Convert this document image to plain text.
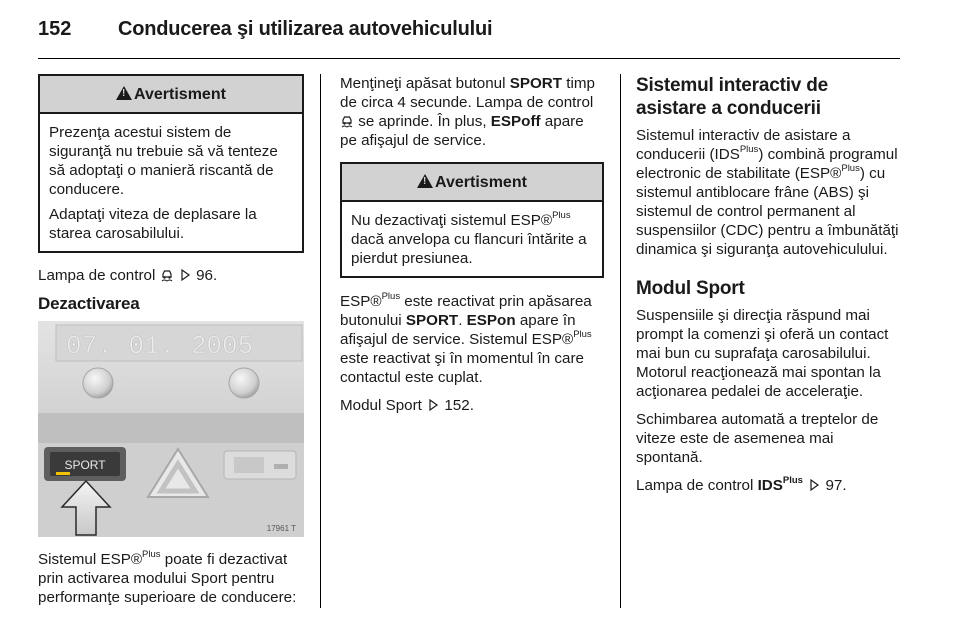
152 Conducerea şi utilizarea autovehiculului
!Avertisment

Prezenţa acestui sistem de siguranţă nu trebuie să vă tenteze să adoptaţi o manieră riscantă de conducere.

Adaptaţi viteza de deplasare la starea carosabilului.

Lampa de control	96.

Dezactivarea
07. 01. 2005
SPORT
17961 T

Sistemul ESP®$^{Plus}$ poate fi dezactivat prin activarea modului Sport pentru performanţe superioare de conducere:

Menţineţi apăsat butonul SPORT timp de circa 4 secunde. Lampa de control  se aprinde. În plus, ESPoff apare pe afişajul de service.

!Avertisment

Nu dezactivaţi sistemul ESP®$^{Plus}$ dacă anvelopa cu flancuri întărite a pierdut presiunea.

ESP®$^{Plus}$ este reactivat prin apăsarea butonului SPORT. ESPon apare în afişajul de service. Sistemul ESP®$^{Plus}$ este reactivat şi în momentul în care contactul este cuplat.

Modul Sport 152.

Sistemul interactiv de asistare a conducerii

Sistemul interactiv de asistare a conducerii $(IDS^{Plus})$ combină programul electronic de stabilitate (ESP®$^{Plus}$) cu sistemul antiblocare frâne (ABS) şi sistemul de control permanent al suspensiilor (CDC) pentru a îmbunătăţi dinamica şi siguranţa autovehiculului.

Modul Sport

Suspensiile şi direcţia răspund mai prompt la comenzi şi oferă un contact mai bun cu suprafaţa carosabilului. Motorul reacţionează mai spontan la acţionarea pedalei de acceleraţie.

Schimbarea automată a treptelor de viteze este de asemenea mai spontană.

Lampa de control $IDS^{Plus}$ 97.
